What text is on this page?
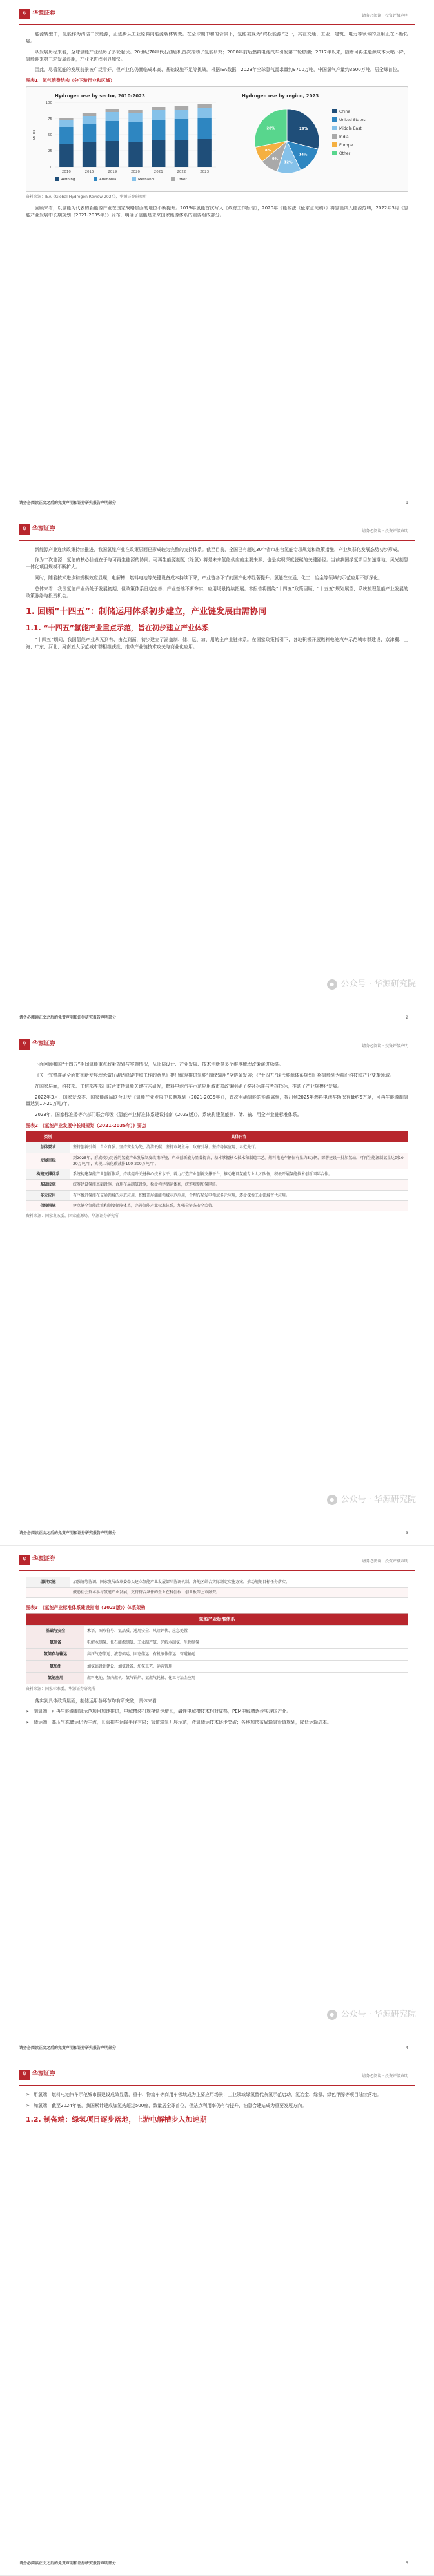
华	华源证券	请务必阅读 · 投资评级声明

能源转型中，氢能作为清洁二次能源，正逐步从工业原料向能源载体转变。在全球碳中和的背景下，氢能被视为“终极能源”之一，其在交通、工业、建筑、电力等领域的应用正在不断拓展。

从发展历程来看，全球氢能产业经历了多轮起伏。20世纪70年代石油危机首次推动了氢能研究；2000年前后燃料电池汽车引发第二轮热潮；2017年以来，随着可再生能源成本大幅下降，氢能迎来第三轮发展浪潮，产业化进程明显加快。

因此，尽管氢能的发展前景被广泛看好，但产业化仍面临成本高、基础设施不足等挑战。根据IEA数据，2023年全球氢气需求量约9700万吨，中国氢气产量约3500万吨，居全球首位。

图表1：氢气消费结构（分下游行业和区域）
Hydrogen use by sector, 2010-2023
0
25
50
75
100
Mt H2
2010	2015	2019	2020	2021	2022	2023
Refining	Ammonia	Methanol	Other
Hydrogen use by region, 2023
29%
14%
12%
9%
8%
28%
China
United States
Middle East
India
Europe
Other
资料来源：IEA《Global Hydrogen Review 2024》，华源证券研究所

回顾来看，以氢能为代表的新能源产业在国家战略层面的地位不断提升。2019年氢能首次写入《政府工作报告》，2020年《能源法（征求意见稿）》将氢能纳入能源范畴，2022年3月《氢能产业发展中长期规划（2021-2035年）》发布，明确了氢能是未来国家能源体系的重要组成部分。

请务必阅读正文之后的免责声明和证券研究报告声明部分	1
华	华源证券	请务必阅读 · 投资评级声明

新能源产业连续政策持续推进，我国氢能产业在政策层面已形成较为完整的支持体系。截至目前，全国已有超过30个省市出台氢能专项规划和政策措施，产业集群化发展态势初步形成。

作为二次能源，氢能的核心价值在于与可再生能源的协同。可再生能源制氢（绿氢）将是未来氢能供应的主要来源，也是实现深度脱碳的关键路径。当前我国绿氢项目加速落地，风光制氢一体化项目规模不断扩大。

同时，随着技术进步和规模效应显现，电解槽、燃料电池等关键设备成本持续下降，产业链各环节的国产化率显著提升。氢能在交通、化工、冶金等领域的示范应用不断深化。

总体来看，我国氢能产业仍处于发展初期，但政策体系日趋完善，产业基础不断夯实，应用场景持续拓展。本报告将围绕“十四五”政策回顾、“十五五”规划展望，系统梳理氢能产业发展的政策脉络与投资机会。

1. 回顾“十四五”：制储运用体系初步建立，产业链发展由需协同
1.1. “十四五”氢能产业重点示范，旨在初步建立产业体系

“十四五”期间，我国氢能产业从无到有、由点到面，初步建立了涵盖制、储、运、加、用的全产业链体系。在国家政策指引下，各地积极开展燃料电池汽车示范城市群建设，京津冀、上海、广东、河北、河南五大示范城市群相继获批，推动产业链技术攻关与商业化应用。

● 公众号 · 华源研究院
请务必阅读正文之后的免责声明和证券研究报告声明部分	2
华	华源证券	请务必阅读 · 投资评级声明

下面回顾我国“十四五”期间氢能重点政策规划与实施情况，从顶层设计、产业发展、技术创新等多个维度梳理政策演进脉络。

《关于完整准确全面贯彻新发展理念做好碳达峰碳中和工作的意见》提出统筹推进氢能“制储输用”全链条发展；《“十四五”现代能源体系规划》将氢能列为前沿科技和产业变革领域。

在国家层面，科技部、工信部等部门联合支持氢能关键技术研发，燃料电池汽车示范应用城市群政策明确了奖补标准与考核指标，推动了产业规模化发展。

2022年3月，国家发改委、国家能源局联合印发《氢能产业发展中长期规划（2021-2035年）》，首次明确氢能的能源属性，提出到2025年燃料电池车辆保有量约5万辆，可再生能源制氢量达到10-20万吨/年。

2023年，国家标准委等六部门联合印发《氢能产业标准体系建设指南（2023版）》，系统构建氢能制、储、输、用全产业链标准体系。

图表2：《氢能产业发展中长期规划（2021-2035年）》要点
类别	具体内容
总体要求	坚持创新引领、自立自强；坚持安全为先、清洁低碳；坚持市场主导、政府引导；坚持稳慎应用、示范先行。
发展目标	到2025年，形成较为完善的氢能产业发展制度政策环境，产业创新能力显著提高，基本掌握核心技术和制造工艺。燃料电池车辆保有量约5万辆，部署建设一批加氢站。可再生能源制氢量达到10-20万吨/年，实现二氧化碳减排100-200万吨/年。
构建支撑体系	系统构建氢能产业创新体系，持续提升关键核心技术水平，着力打造产业创新支撑平台，推动建设氢能专业人才队伍，积极开展氢能技术创新国际合作。
基础设施	统筹建设氢能基础设施，合理布局制氢设施，稳步构建储运体系，统筹规划加氢网络。
多元应用	有序推进氢能在交通领域的示范应用，积极开展储能领域示范应用，合理布局发电领域多元应用，逐步探索工业领域替代应用。
保障措施	建立健全氢能政策和制度保障体系，完善氢能产业标准体系，加强全链条安全监管。
资料来源：国家发改委，国家能源局，华源证券研究所
● 公众号 · 华源研究院
请务必阅读正文之后的免责声明和证券研究报告声明部分	3
华	华源证券	请务必阅读 · 投资评级声明
组织实施	加强统筹协调，国家发展改革委牵头建立氢能产业发展部际协调机制，各地区结合实际制定实施方案，推动规划目标任务落实。
	鼓励社会资本参与氢能产业发展，支持符合条件的企业在科创板、创业板等上市融资。
图表3：《氢能产业标准体系建设指南（2023版）》体系架构
氢能产业标准体系
基础与安全	术语、图形符号、氢品质、通用安全、风险评估、应急处置
氢制备	电解水制氢、化石能源制氢、工业副产氢、光解水制氢、生物制氢
氢储存与输运	高压气态储运、液态储运、固态储运、有机液体储运、管道输运
氢加注	加氢站设计建设、加氢设备、加氢工艺、运营管理
氢能应用	燃料电池、氢内燃机、氢气锅炉、氢燃气轮机、化工与冶金应用
资料来源：国家标准委，华源证券研究所

落实到具体政策层面，制储运用各环节均有所突破，具体来看：

➢ 制氢端：可再生能源制氢示范项目加速推进，电解槽装机规模快速增长，碱性电解槽技术相对成熟，PEM电解槽逐步实现国产化。
➢ 储运端：高压气态储运仍为主流，长管拖车运输半径有限；管道输氢开展示范，液氢储运技术逐步突破；各地加快布局输氢管道规划，降低运输成本。
● 公众号 · 华源研究院
请务必阅读正文之后的免责声明和证券研究报告声明部分	4
华	华源证券	请务必阅读 · 投资评级声明
➢ 用氢端：燃料电池汽车示范城市群建设成效显著，重卡、物流车等商用车领域成为主要应用场景；工业领域绿氢替代灰氢示范启动，氢冶金、绿氨、绿色甲醇等项目陆续落地。
➢ 加氢端：截至2024年底，我国累计建成加氢站超过500座，数量居全球首位，但站点利用率仍有待提升，油氢合建站成为重要发展方向。
1.2. 制备端：绿氢项目逐步落地，上游电解槽步入加速期
请务必阅读正文之后的免责声明和证券研究报告声明部分	5
